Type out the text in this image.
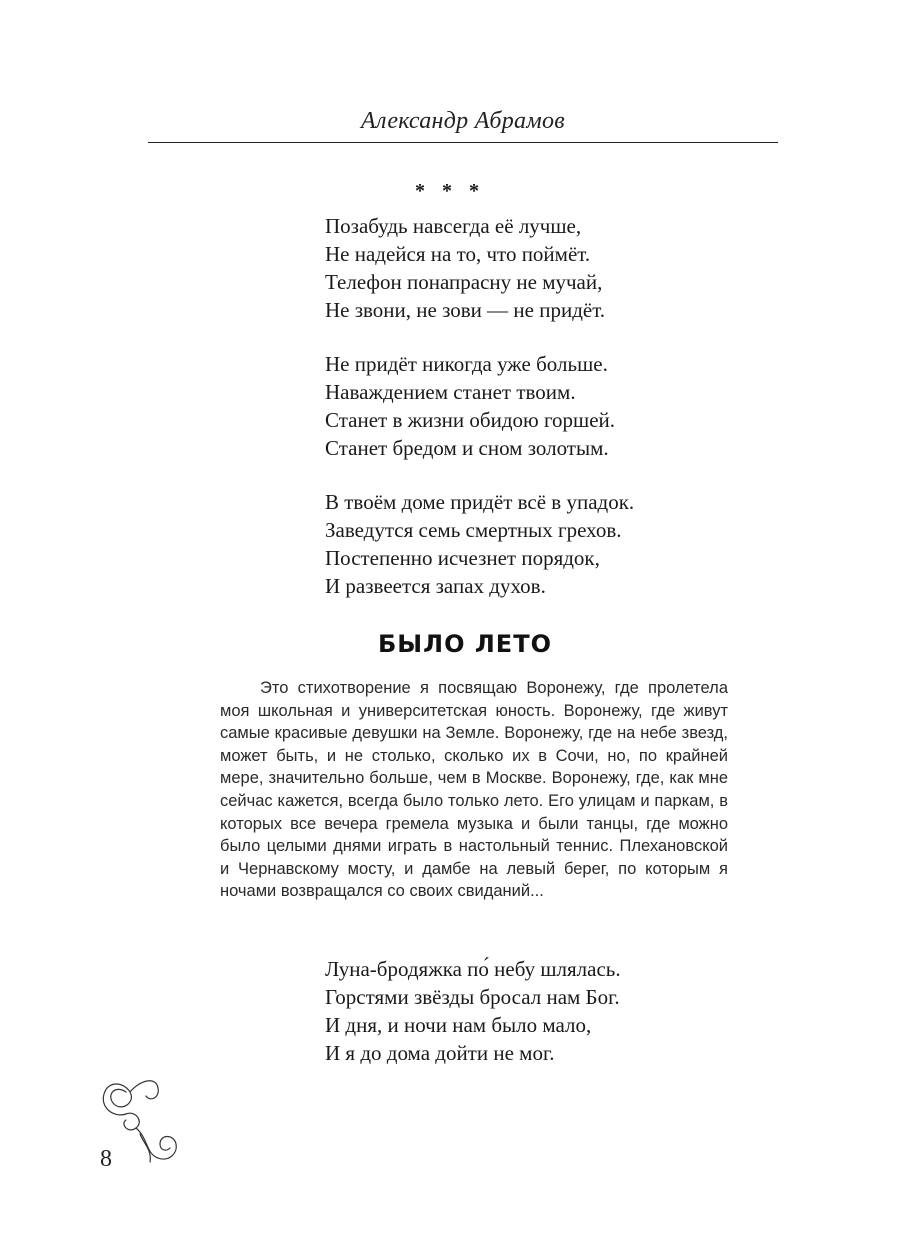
Александр Абрамов
* * *
Позабудь навсегда её лучше,
Не надейся на то, что поймёт.
Телефон понапрасну не мучай,
Не звони, не зови — не придёт.
Не придёт никогда уже больше.
Наваждением станет твоим.
Станет в жизни обидою горшей.
Станет бредом и сном золотым.
В твоём доме придёт всё в упадок.
Заведутся семь смертных грехов.
Постепенно исчезнет порядок,
И развеется запах духов.
БЫЛО ЛЕТО

Это стихотворение я посвящаю Воронежу, где пролетела моя школьная и университетская юность. Воронежу, где живут самые красивые девушки на Земле. Воронежу, где на небе звезд, может быть, и не столько, сколько их в Сочи, но, по крайней мере, значительно больше, чем в Москве. Воронежу, где, как мне сейчас кажется, всегда было только лето. Его улицам и паркам, в которых все вечера гремела музыка и были танцы, где можно было целыми днями играть в настольный теннис. Плехановской и Чернавскому мосту, и дамбе на левый берег, по которым я ночами возвращался со своих свиданий...

Луна-бродяжка по́ небу шлялась.
Горстями звёзды бросал нам Бог.
И дня, и ночи нам было мало,
И я до дома дойти не мог.
8
